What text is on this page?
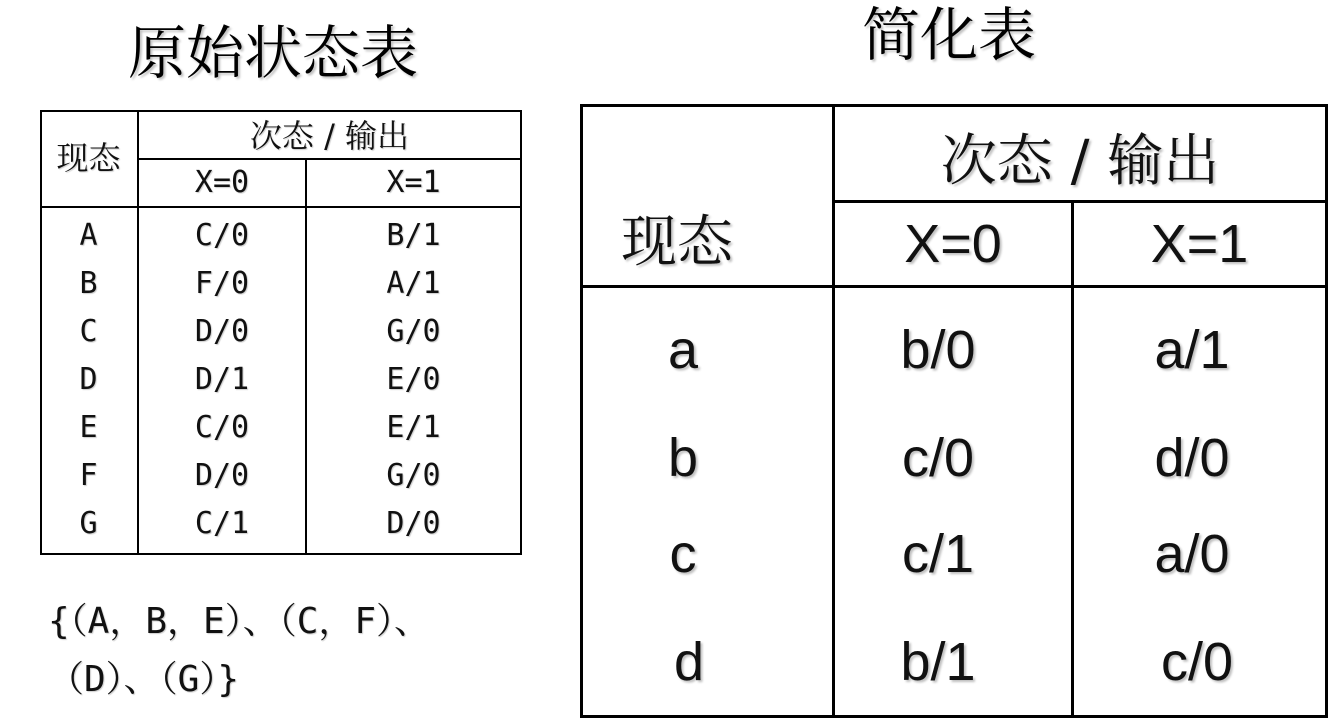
原始状态表	简化表
现态
次态 / 输出
X=0	X=1
A	C/0	B/1
B	F/0	A/1
C	D/0	G/0
D	D/1	E/0
E	C/0	E/1
F	D/0	G/0
G	C/1	D/0
{（A，B，E）、（C，F）、
（D）、（G）}
现态
次态 / 输出
X=0	X=1
a	b/0	a/1
b	c/0	d/0
c	c/1	a/0
d	b/1	c/0
